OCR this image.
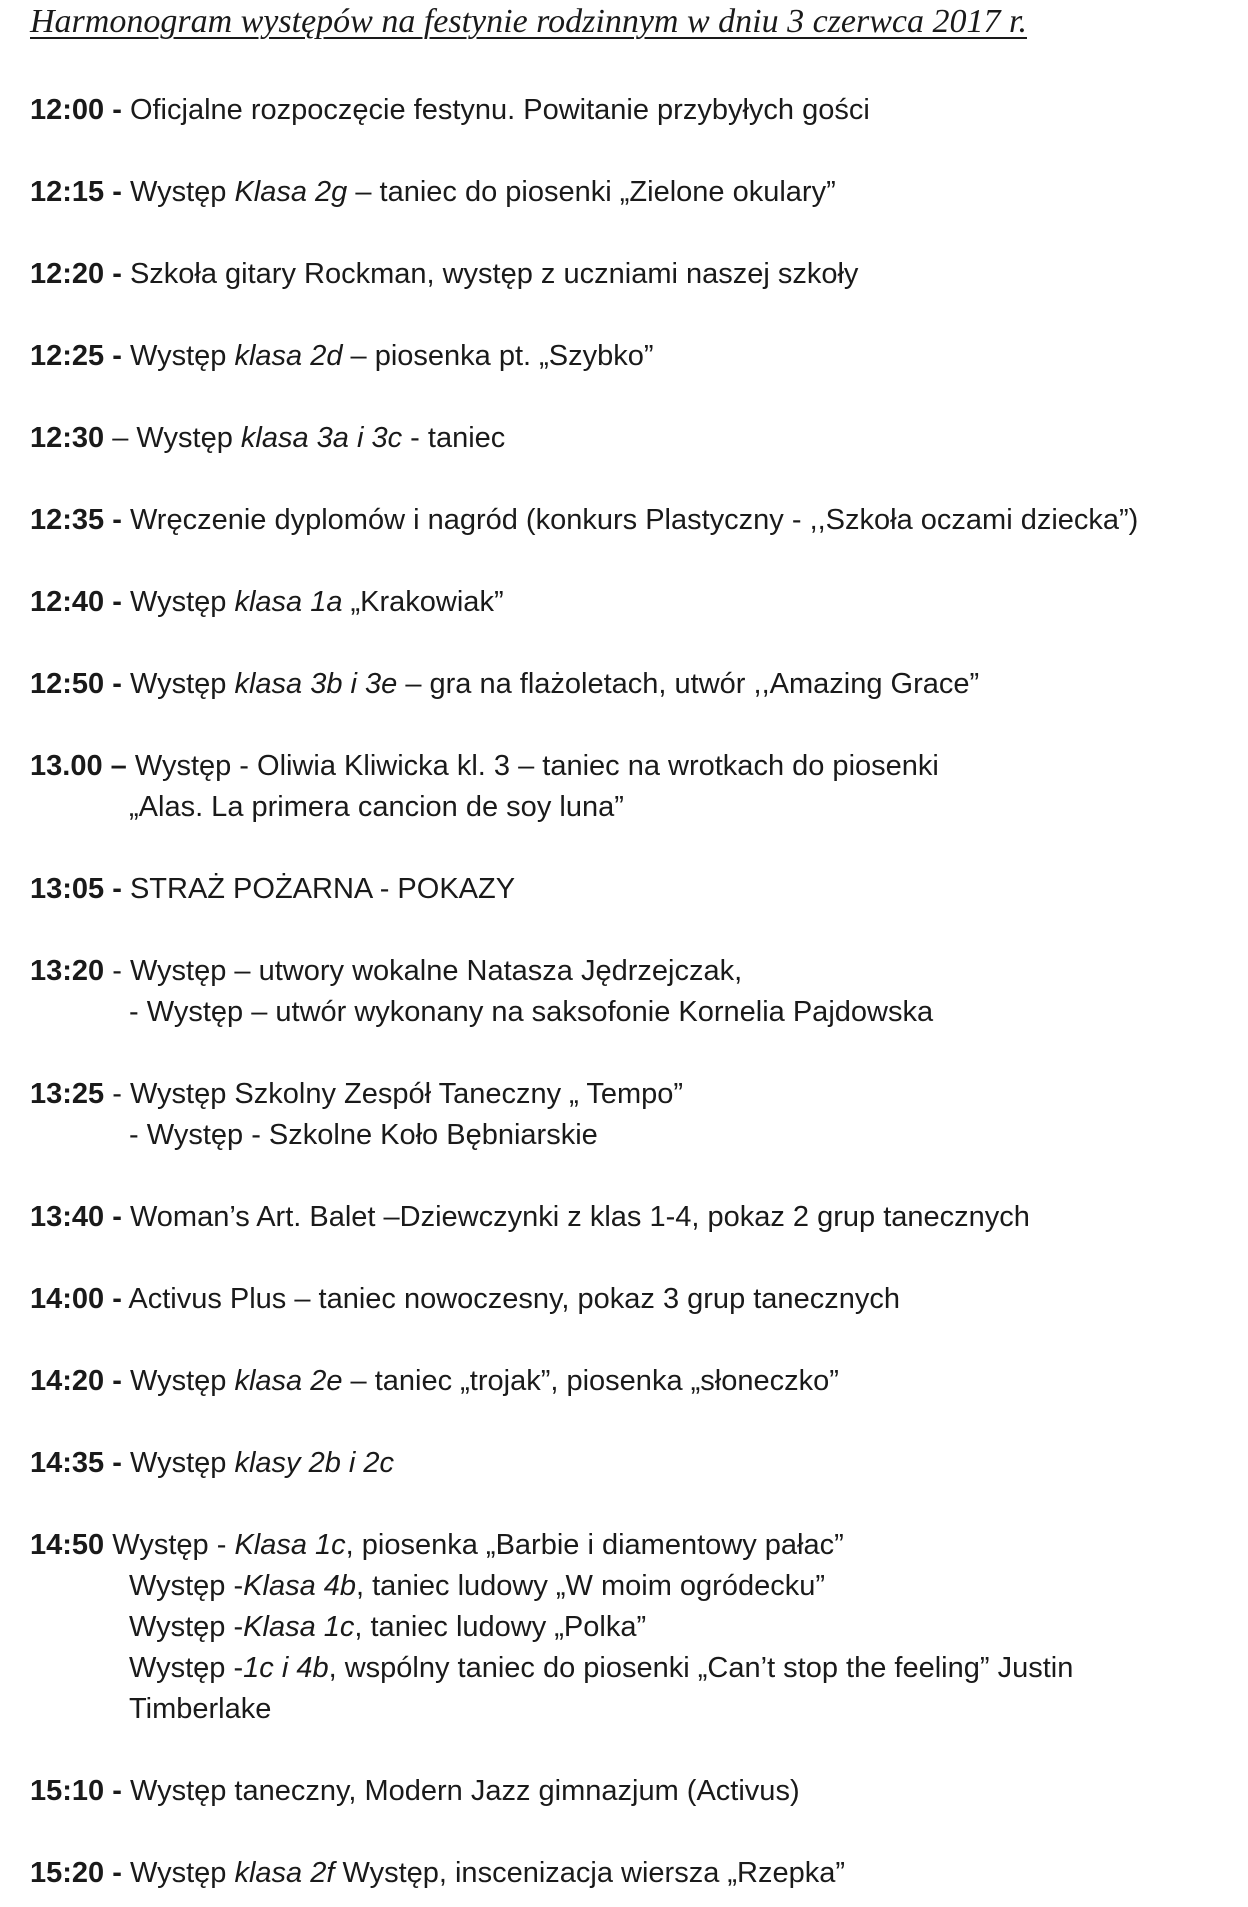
Harmonogram występów na festynie rodzinnym w dniu 3 czerwca 2017 r.
12:00 - Oficjalne rozpoczęcie festynu. Powitanie przybyłych gości
12:15 - Występ Klasa 2g – taniec do piosenki „Zielone okulary”
12:20 - Szkoła gitary Rockman, występ z uczniami naszej szkoły
12:25 - Występ klasa 2d – piosenka pt. „Szybko”
12:30 – Występ klasa 3a i 3c - taniec
12:35 - Wręczenie dyplomów i nagród (konkurs Plastyczny - ,,Szkoła oczami dziecka”)
12:40 - Występ klasa 1a „Krakowiak”
12:50 - Występ klasa 3b i 3e – gra na flażoletach, utwór ,,Amazing Grace”
13.00 – Występ - Oliwia Kliwicka kl. 3 – taniec na wrotkach do piosenki
„Alas. La primera cancion de soy luna”
13:05 - STRAŻ POŻARNA - POKAZY
13:20 - Występ – utwory wokalne Natasza Jędrzejczak,
- Występ – utwór wykonany na saksofonie Kornelia Pajdowska
13:25 - Występ Szkolny Zespół Taneczny „ Tempo”
- Występ - Szkolne Koło Bębniarskie
13:40 - Woman’s Art. Balet –Dziewczynki z klas 1-4, pokaz 2 grup tanecznych
14:00 - Activus Plus – taniec nowoczesny, pokaz 3 grup tanecznych
14:20 - Występ klasa 2e – taniec „trojak”, piosenka „słoneczko”
14:35 - Występ klasy 2b i 2c
14:50 Występ - Klasa 1c, piosenka „Barbie i diamentowy pałac”
Występ -Klasa 4b, taniec ludowy „W moim ogródecku”
Występ -Klasa 1c, taniec ludowy „Polka”
Występ -1c i 4b, wspólny taniec do piosenki „Can’t stop the feeling” Justin
Timberlake
15:10 - Występ taneczny, Modern Jazz gimnazjum (Activus)
15:20 - Występ klasa 2f Występ, inscenizacja wiersza „Rzepka”
